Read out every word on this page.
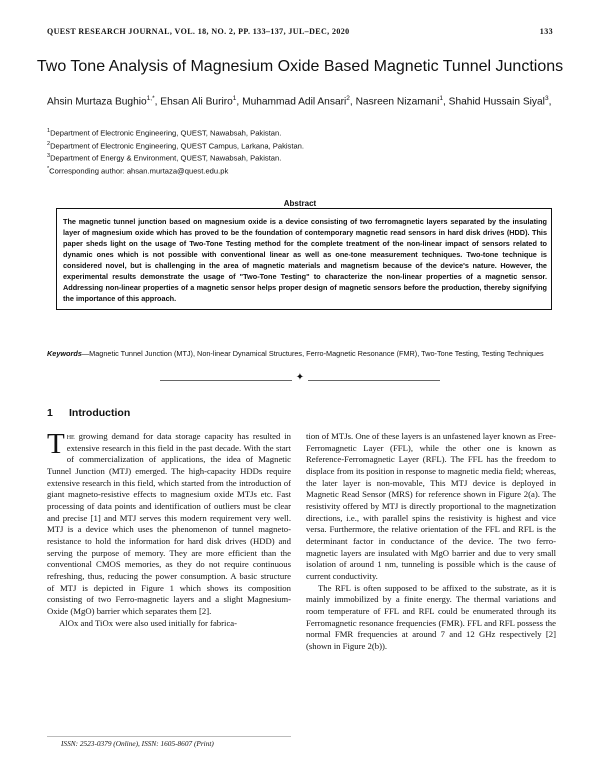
QUEST RESEARCH JOURNAL, VOL. 18, NO. 2, PP. 133–137, JUL–DEC, 2020	133
Two Tone Analysis of Magnesium Oxide Based Magnetic Tunnel Junctions
Ahsin Murtaza Bughio$^{1,*}$, Ehsan Ali Buriro$^1$, Muhammad Adil Ansari$^2$, Nasreen Nizamani$^1$, Shahid Hussain Siyal$^3$,
$^1$Department of Electronic Engineering, QUEST, Nawabsah, Pakistan.
$^2$Department of Electronic Engineering, QUEST Campus, Larkana, Pakistan.
$^3$Department of Energy & Environment, QUEST, Nawabsah, Pakistan.
*Corresponding author: ahsan.murtaza@quest.edu.pk
Abstract
The magnetic tunnel junction based on magnesium oxide is a device consisting of two ferromagnetic layers separated by the insulating layer of magnesium oxide which has proved to be the foundation of contemporary magnetic read sensors in hard disk drives (HDD). This paper sheds light on the usage of Two-Tone Testing method for the complete treatment of the non-linear impact of sensors related to dynamic ones which is not possible with conventional linear as well as one-tone measurement techniques. Two-tone technique is considered novel, but is challenging in the area of magnetic materials and magnetism because of the device's nature. However, the experimental results demonstrate the usage of "Two-Tone Testing" to characterize the non-linear properties of a magnetic sensor. Addressing non-linear properties of a magnetic sensor helps proper design of magnetic sensors before the production, thereby signifying the importance of this approach.
Keywords—Magnetic Tunnel Junction (MTJ), Non-linear Dynamical Structures, Ferro-Magnetic Resonance (FMR), Two-Tone Testing, Testing Techniques
✦
1 Introduction

The growing demand for data storage capacity has resulted in extensive research in this field in the past decade. With the start of commercialization of applications, the idea of Magnetic Tunnel Junction (MTJ) emerged. The high-capacity HDDs require extensive research in this field, which started from the introduction of giant magneto-resistive effects to magnesium oxide MTJs etc. Fast processing of data points and identification of outliers must be clear and precise [1] and MTJ serves this modern requirement very well. MTJ is a device which uses the phenomenon of tunnel magneto-resistance to hold the information for hard disk drives (HDD) and serving the purpose of memory. They are more efficient than the conventional CMOS memories, as they do not require continuous refreshing, thus, reducing the power consumption. A basic structure of MTJ is depicted in Figure 1 which shows its composition consisting of two Ferro-magnetic layers and a slight Magnesium-Oxide (MgO) barrier which separates them [2].

AlOx and TiOx were also used initially for fabrica-

tion of MTJs. One of these layers is an unfastened layer known as Free-Ferromagnetic Layer (FFL), while the other one is known as Reference-Ferromagnetic Layer (RFL). The FFL has the freedom to displace from its position in response to magnetic media field; whereas, the later layer is non-movable, This MTJ device is deployed in Magnetic Read Sensor (MRS) for reference shown in Figure 2(a). The resistivity offered by MTJ is directly proportional to the magnetization directions, i.e., with parallel spins the resistivity is highest and vice versa. Furthermore, the relative orientation of the FFL and RFL is the determinant factor in conductance of the device. The two ferro-magnetic layers are insulated with MgO barrier and due to very small isolation of around 1 nm, tunneling is possible which is the cause of current conductivity.

The RFL is often supposed to be affixed to the substrate, as it is mainly immobilized by a finite energy. The thermal variations and room temperature of FFL and RFL could be enumerated through its Ferromagnetic resonance frequencies (FMR). FFL and RFL possess the normal FMR frequencies at around 7 and 12 GHz respectively [2] (shown in Figure 2(b)).

ISSN: 2523-0379 (Online), ISSN: 1605-8607 (Print)
